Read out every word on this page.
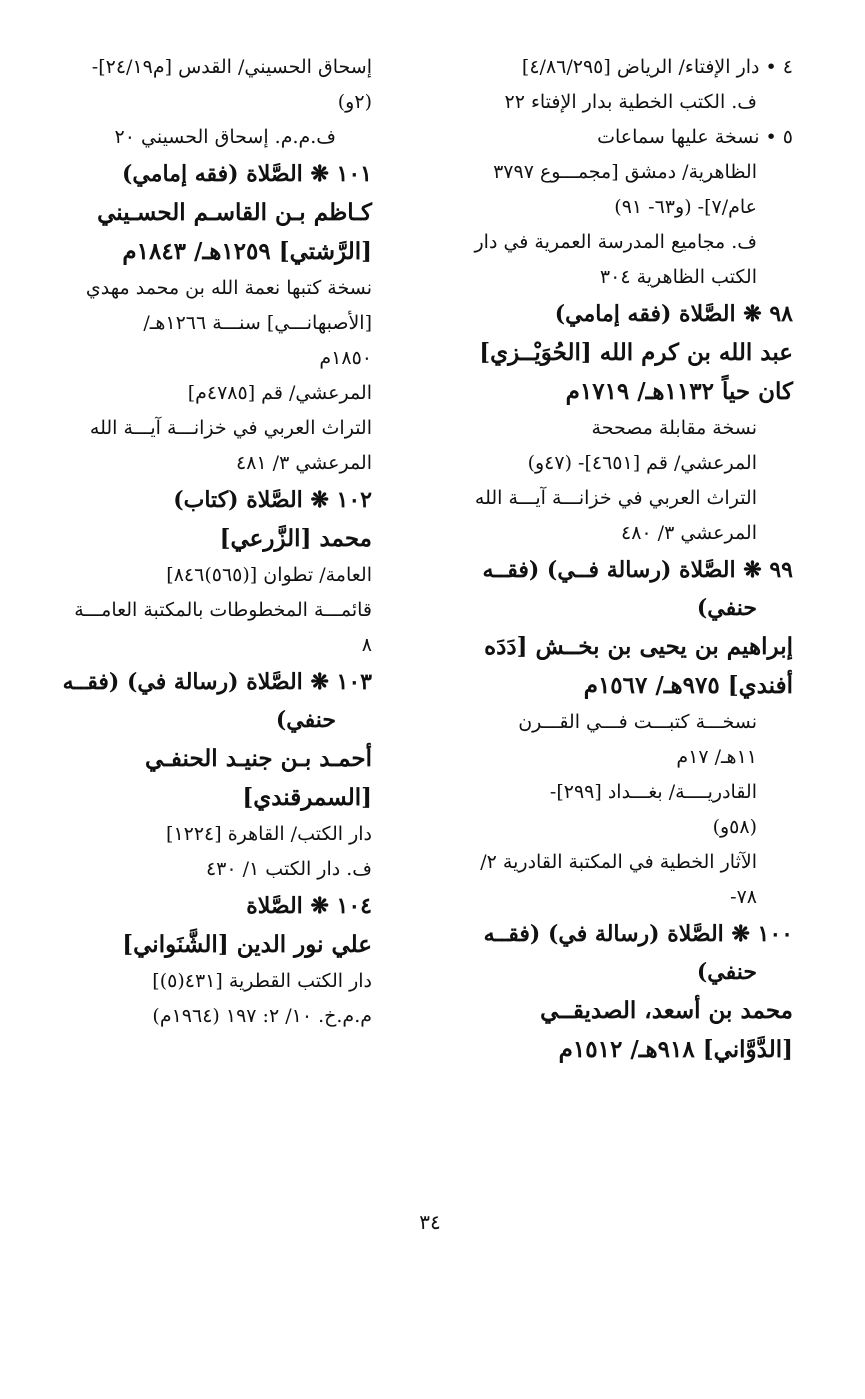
٤ • دار الإفتاء/ الرياض [٤/٨٦/٢٩٥]
ف. الكتب الخطية بدار الإفتاء ٢٢
٥ • نسخة عليها سماعات
الظاهرية/ دمشق [مجمـــوع ٣٧٩٧
عام/٧]- (و٦٣- ٩١)
ف. مجاميع المدرسة العمرية في دار
الكتب الظاهرية ٣٠٤
٩٨ ❋ الصَّلاة (فقه إمامي)
عبد الله بن كرم الله [الحُوَيْــزي]
كان حياً ١١٣٢هـ/ ١٧١٩م
نسخة مقابلة مصححة
المرعشي/ قم [٤٦٥١]- (٤٧و)
التراث العربي في خزانـــة آيـــة الله
المرعشي ٣/ ٤٨٠
٩٩ ❋ الصَّلاة (رسالة فــي) (فقــه
حنفي)
إبراهيم بن يحيى بن بخــش [دَدَه
أفندي] ٩٧٥هـ/ ١٥٦٧م
نسخـــة كتبـــت فـــي القـــرن
١١هـ/ ١٧م
القادريــــة/ بغـــداد [٢٩٩]-
(٥٨و)
الآثار الخطية في المكتبة القادرية ٢/
٧٨-
١٠٠ ❋ الصَّلاة (رسالة في) (فقــه
حنفي)
محمد بن أسعد، الصديقــي
[الدَّوَّاني] ٩١٨هـ/ ١٥١٢م
إسحاق الحسيني/ القدس [م٢٤/١٩]-
(٢و)
ف.م.م. إسحاق الحسيني ٢٠
١٠١ ❋ الصَّلاة (فقه إمامي)
كـاظم بـن القاسـم الحسـيني
[الرَّشتي] ١٢٥٩هـ/ ١٨٤٣م
نسخة كتبها نعمة الله بن محمد مهدي
[الأصبهانـــي] سنـــة ١٢٦٦هـ/
١٨٥٠م
المرعشي/ قم [٤٧٨٥م]
التراث العربي في خزانـــة آيـــة الله
المرعشي ٣/ ٤٨١
١٠٢ ❋ الصَّلاة (كتاب)
محمد [الزَّرعي]
العامة/ تطوان [(٥٦٥)٨٤٦]
قائمـــة المخطوطات بالمكتبة العامـــة
٨
١٠٣ ❋ الصَّلاة (رسالة في) (فقــه
حنفي)
أحمـد بـن جنيـد الحنفـي
[السمرقندي]
دار الكتب/ القاهرة [١٢٢٤]
ف. دار الكتب ١/ ٤٣٠
١٠٤ ❋ الصَّلاة
علي نور الدين [الشَّنَواني]
دار الكتب القطرية [٤٣١(٥)]
م.م.خ. ١٠/ ٢: ١٩٧ (١٩٦٤م)
٣٤
